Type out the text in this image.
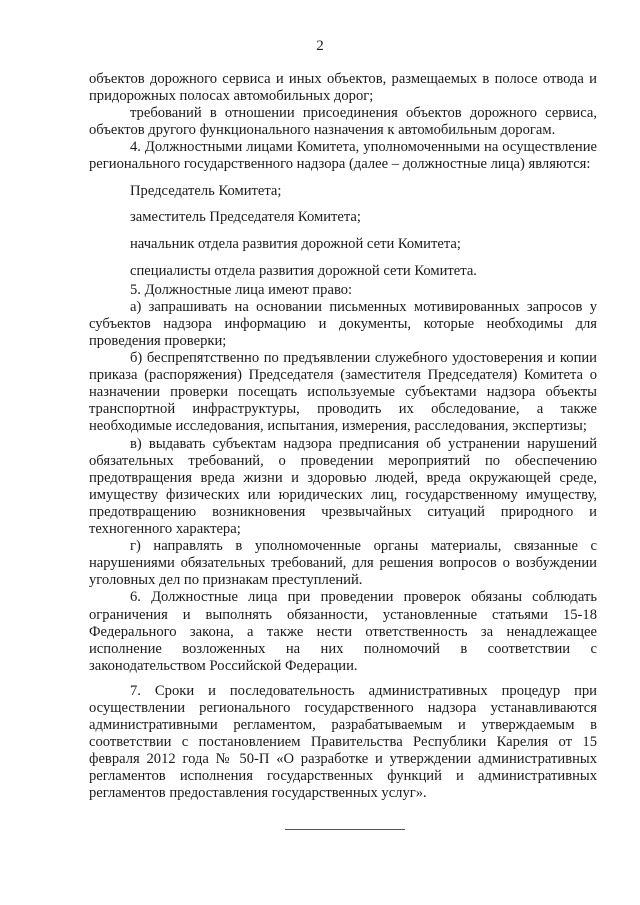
2

объектов дорожного сервиса и иных объектов, размещаемых в полосе отвода и придорожных полосах автомобильных дорог;

требований в отношении присоединения объектов дорожного сервиса, объектов другого функционального назначения к автомобильным дорогам.

4. Должностными лицами Комитета, уполномоченными на осуществление регионального государственного надзора (далее – должностные лица) являются:

Председатель Комитета;

заместитель Председателя Комитета;

начальник отдела развития дорожной сети Комитета;

специалисты отдела развития дорожной сети Комитета.

5. Должностные лица имеют право:

а) запрашивать на основании письменных мотивированных запросов у субъектов надзора информацию и документы, которые необходимы для проведения проверки;

б) беспрепятственно по предъявлении служебного удостоверения и копии приказа (распоряжения) Председателя (заместителя Председателя) Комитета о назначении проверки посещать используемые субъектами надзора объекты транспортной инфраструктуры, проводить их обследование, а также необходимые исследования, испытания, измерения, расследования, экспертизы;

в) выдавать субъектам надзора предписания об устранении нарушений обязательных требований, о проведении мероприятий по обеспечению предотвращения вреда жизни и здоровью людей, вреда окружающей среде, имуществу физических или юридических лиц, государственному имуществу, предотвращению возникновения чрезвычайных ситуаций природного и техногенного характера;

г) направлять в уполномоченные органы материалы, связанные с нарушениями обязательных требований, для решения вопросов о возбуждении уголовных дел по признакам преступлений.

6. Должностные лица при проведении проверок обязаны соблюдать ограничения и выполнять обязанности, установленные статьями 15-18 Федерального закона, а также нести ответственность за ненадлежащее исполнение возложенных на них полномочий в соответствии с законодательством Российской Федерации.

7. Сроки и последовательность административных процедур при осуществлении регионального государственного надзора устанавливаются административными регламентом, разрабатываемым и утверждаемым в соответствии с постановлением Правительства Республики Карелия от 15 февраля 2012 года № 50-П «О разработке и утверждении административных регламентов исполнения государственных функций и административных регламентов предоставления государственных услуг».
